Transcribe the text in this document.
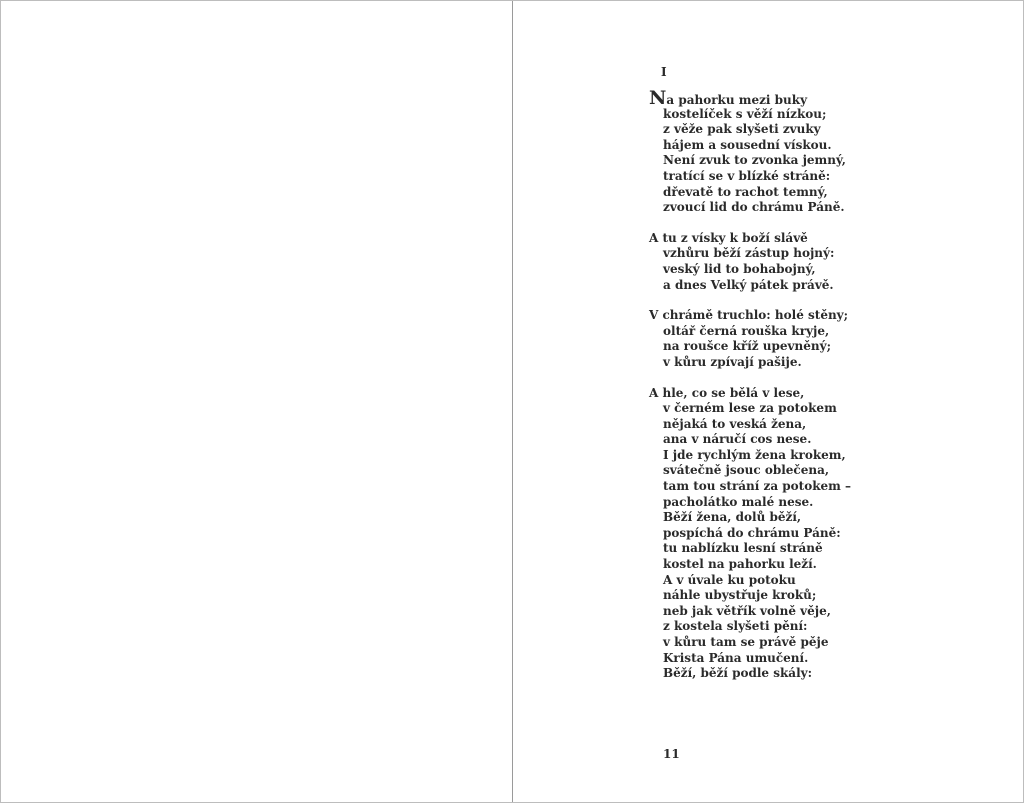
I
Na pahorku mezi buky
kostelíček s věží nízkou;
z věže pak slyšeti zvuky
hájem a sousední vískou.
Není zvuk to zvonka jemný,
tratící se v blízké stráně:
dřevatě to rachot temný,
zvoucí lid do chrámu Páně.
A tu z vísky k boží slávě
vzhůru běží zástup hojný:
veský lid to bohabojný,
a dnes Velký pátek právě.
V chrámě truchlo: holé stěny;
oltář černá rouška kryje,
na roušce kříž upevněný;
v kůru zpívají pašije.
A hle, co se bělá v lese,
v černém lese za potokem
nějaká to veská žena,
ana v náručí cos nese.
I jde rychlým žena krokem,
svátečně jsouc oblečena,
tam tou strání za potokem –
pacholátko malé nese.
Běží žena, dolů běží,
pospíchá do chrámu Páně:
tu nablízku lesní stráně
kostel na pahorku leží.
A v úvale ku potoku
náhle ubystřuje kroků;
neb jak větřík volně věje,
z kostela slyšeti pění:
v kůru tam se právě pěje
Krista Pána umučení.
Běží, běží podle skály:
11
